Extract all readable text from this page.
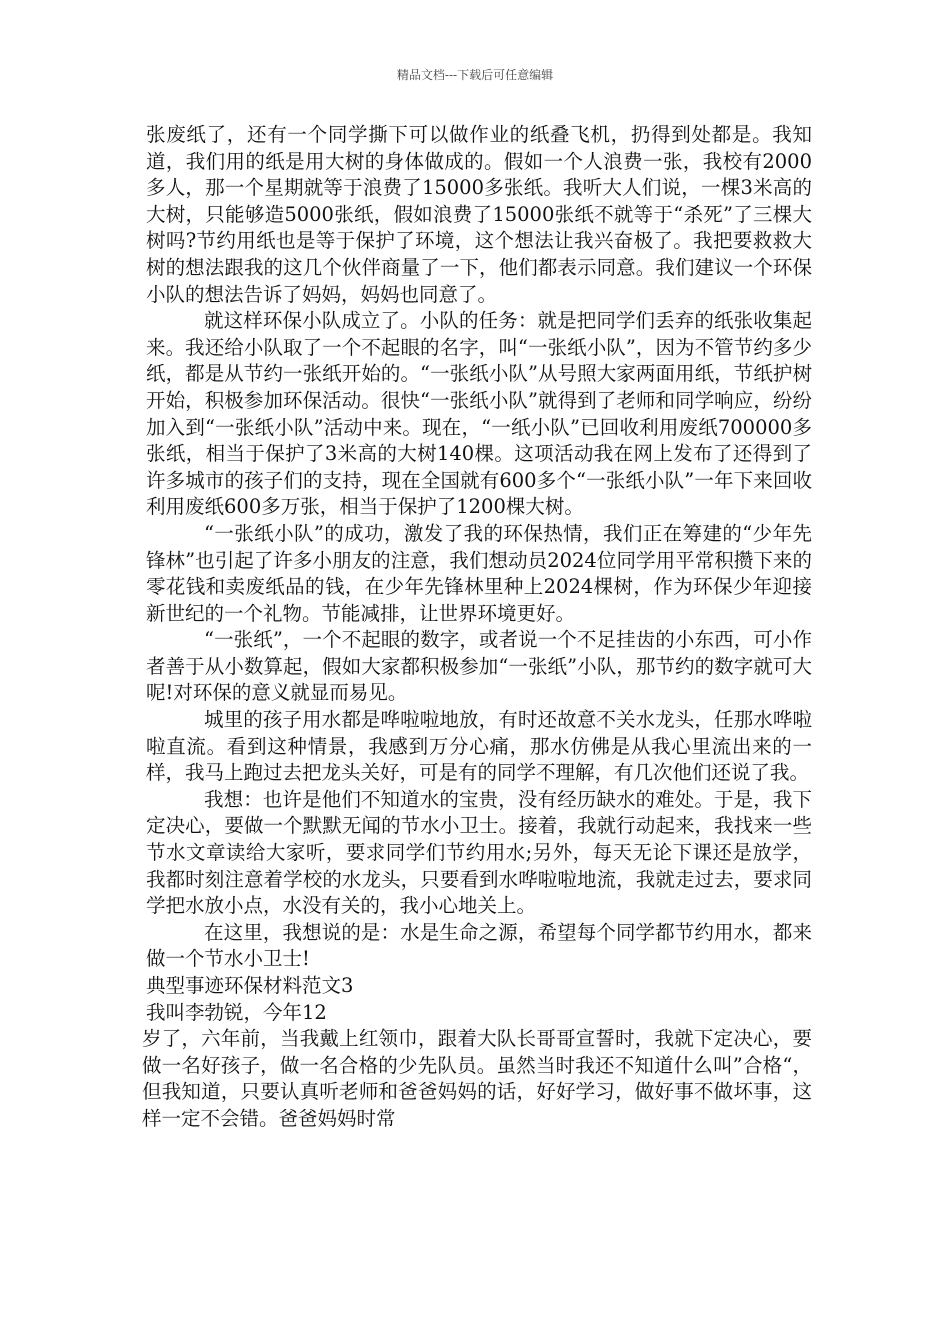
精品文档---下载后可任意编辑

张废纸了，还有一个同学撕下可以做作业的纸叠飞机，扔得到处都是。我知道，我们用的纸是用大树的身体做成的。假如一个人浪费一张，我校有2000多人，那一个星期就等于浪费了15000多张纸。我听大人们说，一棵3米高的大树，只能够造5000张纸，假如浪费了15000张纸不就等于“杀死”了三棵大树吗?节约用纸也是等于保护了环境，这个想法让我兴奋极了。我把要救救大树的想法跟我的这几个伙伴商量了一下，他们都表示同意。我们建议一个环保小队的想法告诉了妈妈，妈妈也同意了。

就这样环保小队成立了。小队的任务：就是把同学们丢弃的纸张收集起来。我还给小队取了一个不起眼的名字，叫“一张纸小队”，因为不管节约多少纸，都是从节约一张纸开始的。“一张纸小队”从号照大家两面用纸，节纸护树开始，积极参加环保活动。很快“一张纸小队”就得到了老师和同学响应，纷纷加入到“一张纸小队”活动中来。现在，“一纸小队”已回收利用废纸700000多张纸，相当于保护了3米高的大树140棵。这项活动我在网上发布了还得到了许多城市的孩子们的支持，现在全国就有600多个“一张纸小队”一年下来回收利用废纸600多万张，相当于保护了1200棵大树。

“一张纸小队”的成功，激发了我的环保热情，我们正在筹建的“少年先锋林”也引起了许多小朋友的注意，我们想动员2024位同学用平常积攒下来的零花钱和卖废纸品的钱，在少年先锋林里种上2024棵树，作为环保少年迎接新世纪的一个礼物。节能减排，让世界环境更好。

“一张纸”，一个不起眼的数字，或者说一个不足挂齿的小东西，可小作者善于从小数算起，假如大家都积极参加“一张纸”小队，那节约的数字就可大呢!对环保的意义就显而易见。

城里的孩子用水都是哗啦啦地放，有时还故意不关水龙头，任那水哗啦啦直流。看到这种情景，我感到万分心痛，那水仿佛是从我心里流出来的一样，我马上跑过去把龙头关好，可是有的同学不理解，有几次他们还说了我。

我想：也许是他们不知道水的宝贵，没有经历缺水的难处。于是，我下定决心，要做一个默默无闻的节水小卫士。接着，我就行动起来，我找来一些节水文章读给大家听，要求同学们节约用水;另外，每天无论下课还是放学，我都时刻注意着学校的水龙头，只要看到水哗啦啦地流，我就走过去，要求同学把水放小点，水没有关的，我小心地关上。

在这里，我想说的是：水是生命之源，希望每个同学都节约用水，都来做一个节水小卫士!

典型事迹环保材料范文3

我叫李勃锐，今年12

岁了，六年前，当我戴上红领巾，跟着大队长哥哥宣誓时，我就下定决心，要做一名好孩子，做一名合格的少先队员。虽然当时我还不知道什么叫”合格“，但我知道，只要认真听老师和爸爸妈妈的话，好好学习，做好事不做坏事，这样一定不会错。爸爸妈妈时常
